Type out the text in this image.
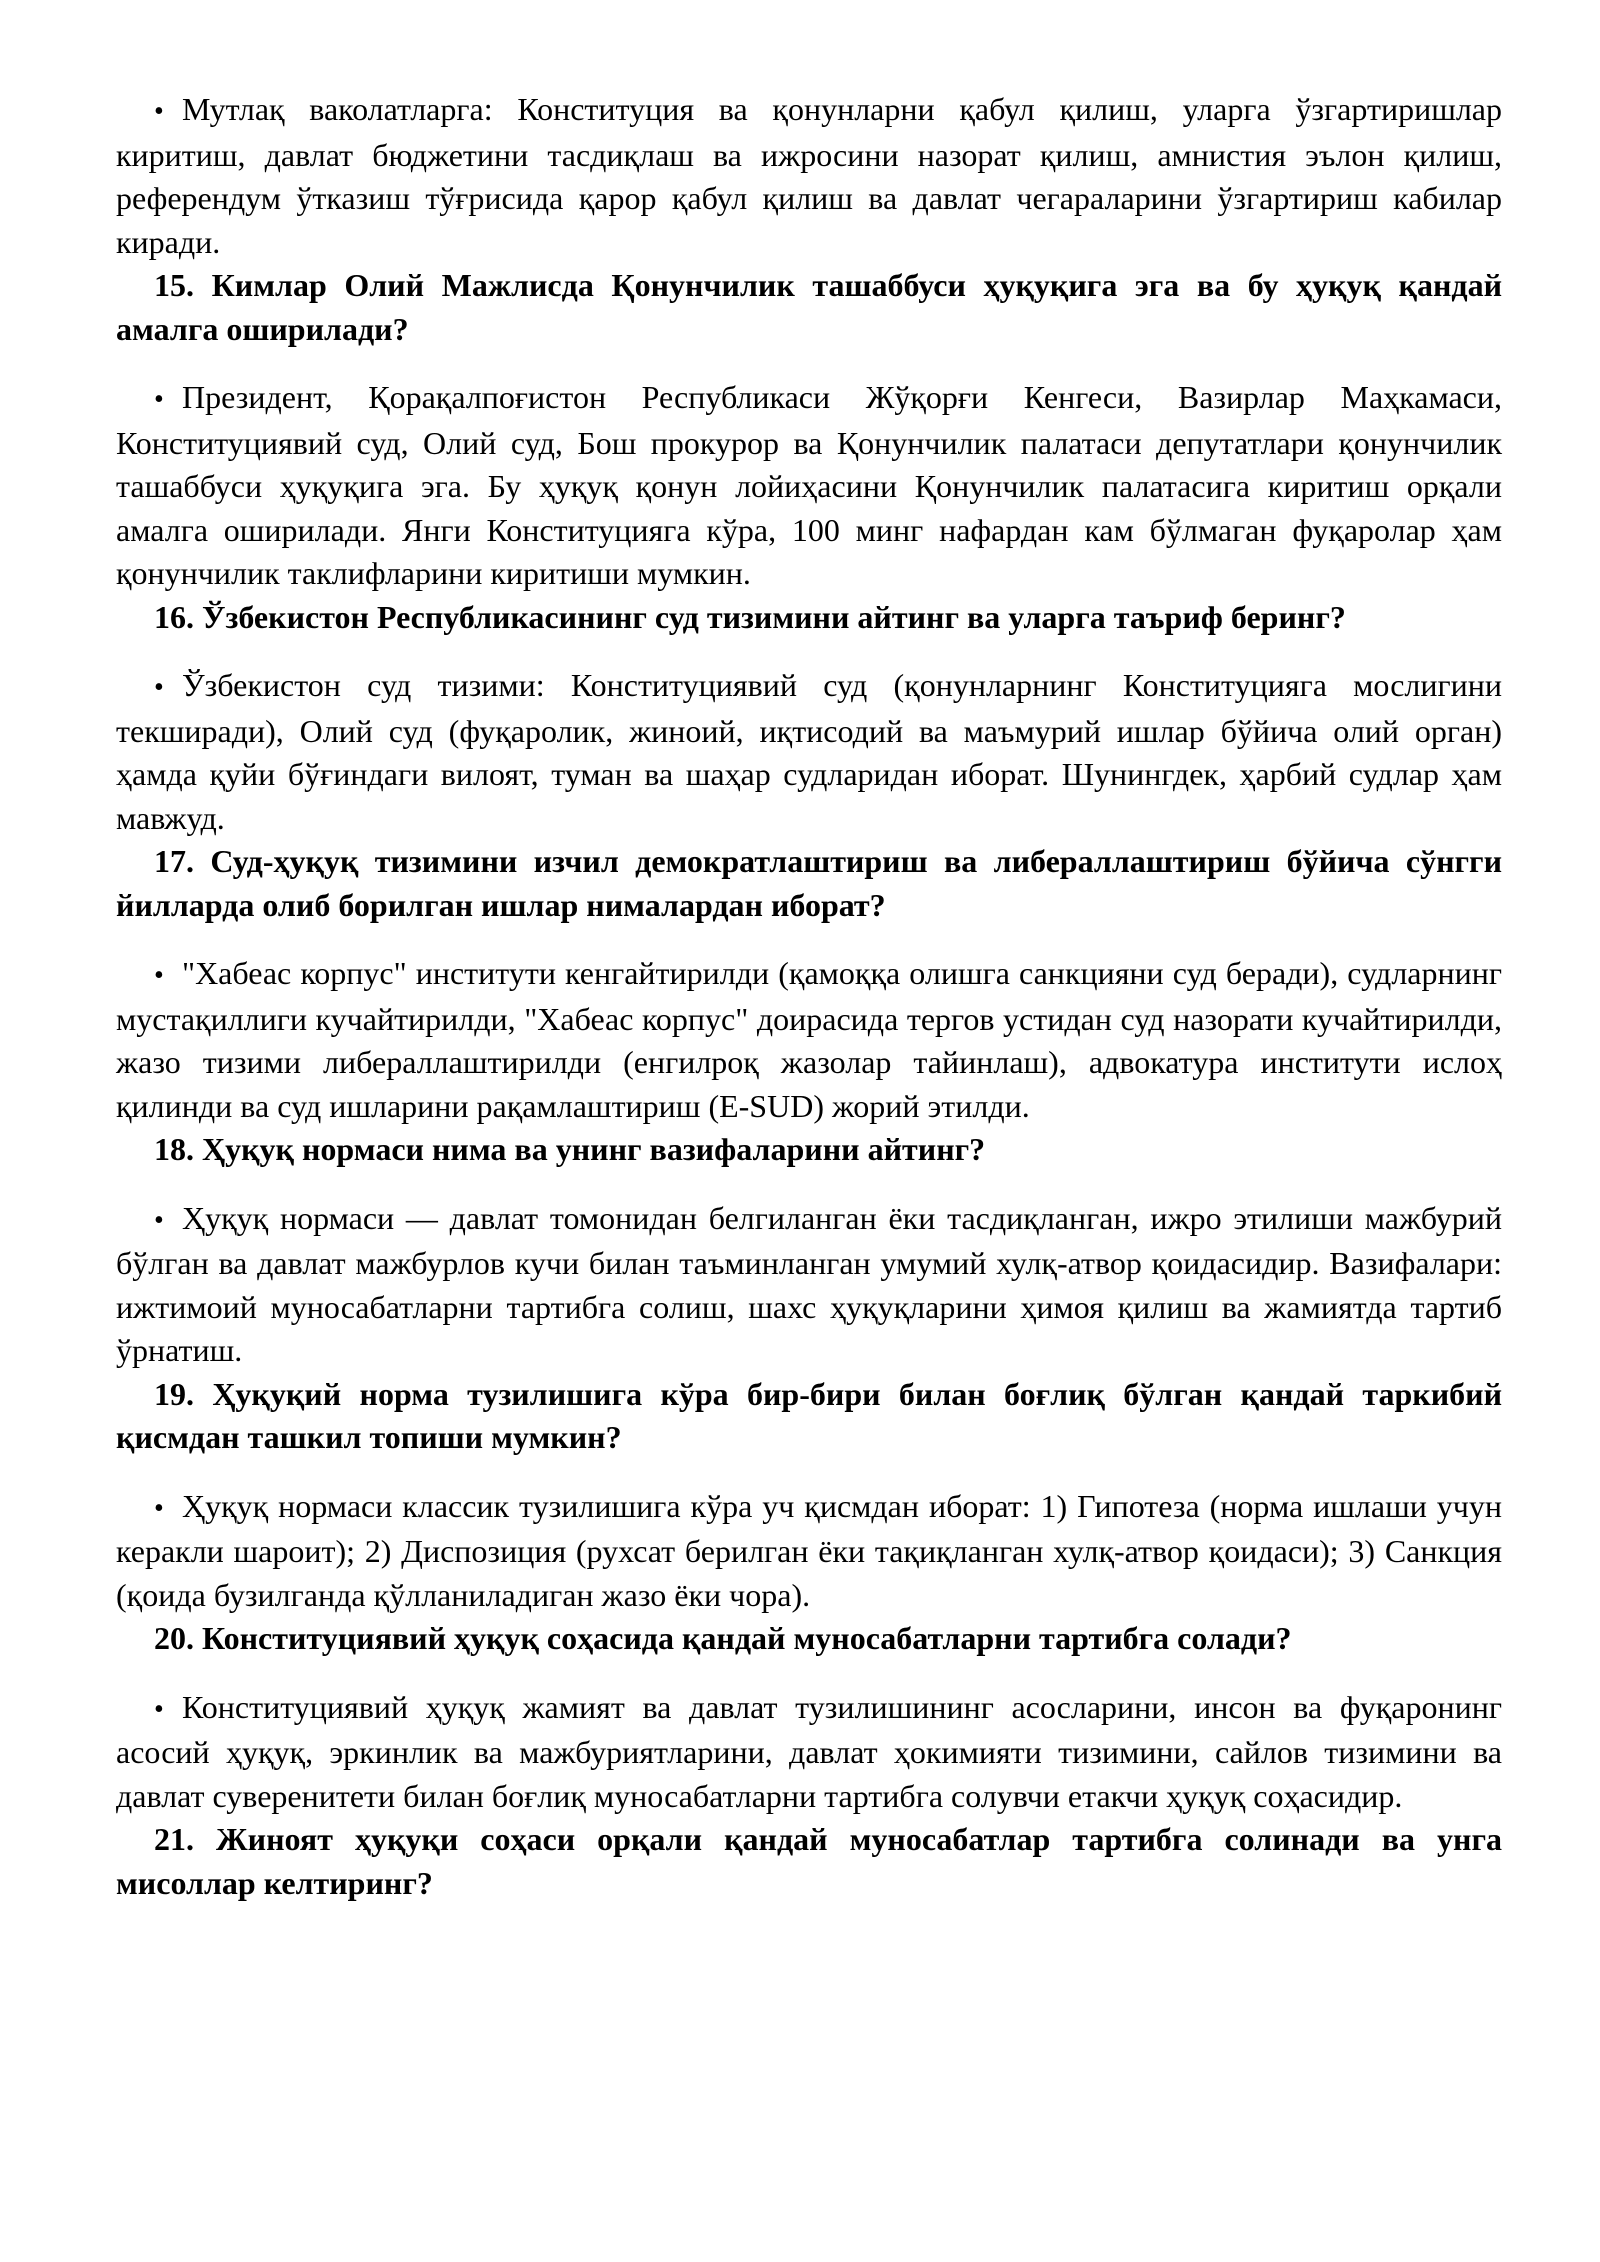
• Мутлақ ваколатларга: Конституция ва қонунларни қабул қилиш, уларга ўзгартиришлар киритиш, давлат бюджетини тасдиқлаш ва ижросини назорат қилиш, амнистия эълон қилиш, референдум ўтказиш тўғрисида қарор қабул қилиш ва давлат чегараларини ўзгартириш кабилар киради.

15. Кимлар Олий Мажлисда Қонунчилик ташаббуси ҳуқуқига эга ва бу ҳуқуқ қандай амалга оширилади?

• Президент, Қорақалпоғистон Республикаси Жўқорғи Кенгеси, Вазирлар Маҳкамаси, Конституциявий суд, Олий суд, Бош прокурор ва Қонунчилик палатаси депутатлари қонунчилик ташаббуси ҳуқуқига эга. Бу ҳуқуқ қонун лойиҳасини Қонунчилик палатасига киритиш орқали амалга оширилади. Янги Конституцияга кўра, 100 минг нафардан кам бўлмаган фуқаролар ҳам қонунчилик таклифларини киритиши мумкин.

16. Ўзбекистон Республикасининг суд тизимини айтинг ва уларга таъриф беринг?

• Ўзбекистон суд тизими: Конституциявий суд (қонунларнинг Конституцияга мослигини текширади), Олий суд (фуқаролик, жиноий, иқтисодий ва маъмурий ишлар бўйича олий орган) ҳамда қуйи бўғиндаги вилоят, туман ва шаҳар судларидан иборат. Шунингдек, ҳарбий судлар ҳам мавжуд.

17. Суд-ҳуқуқ тизимини изчил демократлаштириш ва либераллаштириш бўйича сўнгги йилларда олиб борилган ишлар нималардан иборат?

• "Хабеас корпус" институти кенгайтирилди (қамоққа олишга санкцияни суд беради), судларнинг мустақиллиги кучайтирилди, "Хабеас корпус" доирасида тергов устидан суд назорати кучайтирилди, жазо тизими либераллаштирилди (енгилроқ жазолар тайинлаш), адвокатура институти ислоҳ қилинди ва суд ишларини рақамлаштириш (E-SUD) жорий этилди.

18. Ҳуқуқ нормаси нима ва унинг вазифаларини айтинг?

• Ҳуқуқ нормаси — давлат томонидан белгиланган ёки тасдиқланган, ижро этилиши мажбурий бўлган ва давлат мажбурлов кучи билан таъминланган умумий хулқ-атвор қоидасидир. Вазифалари: ижтимоий муносабатларни тартибга солиш, шахс ҳуқуқларини ҳимоя қилиш ва жамиятда тартиб ўрнатиш.

19. Ҳуқуқий норма тузилишига кўра бир-бири билан боғлиқ бўлган қандай таркибий қисмдан ташкил топиши мумкин?

• Ҳуқуқ нормаси классик тузилишига кўра уч қисмдан иборат: 1) Гипотеза (норма ишлаши учун керакли шароит); 2) Диспозиция (рухсат берилган ёки тақиқланган хулқ-атвор қоидаси); 3) Санкция (қоида бузилганда қўлланиладиган жазо ёки чора).

20. Конституциявий ҳуқуқ соҳасида қандай муносабатларни тартибга солади?

• Конституциявий ҳуқуқ жамият ва давлат тузилишининг асосларини, инсон ва фуқаронинг асосий ҳуқуқ, эркинлик ва мажбуриятларини, давлат ҳокимияти тизимини, сайлов тизимини ва давлат суверенитети билан боғлиқ муносабатларни тартибга солувчи етакчи ҳуқуқ соҳасидир.

21. Жиноят ҳуқуқи соҳаси орқали қандай муносабатлар тартибга солинади ва унга мисоллар келтиринг?
